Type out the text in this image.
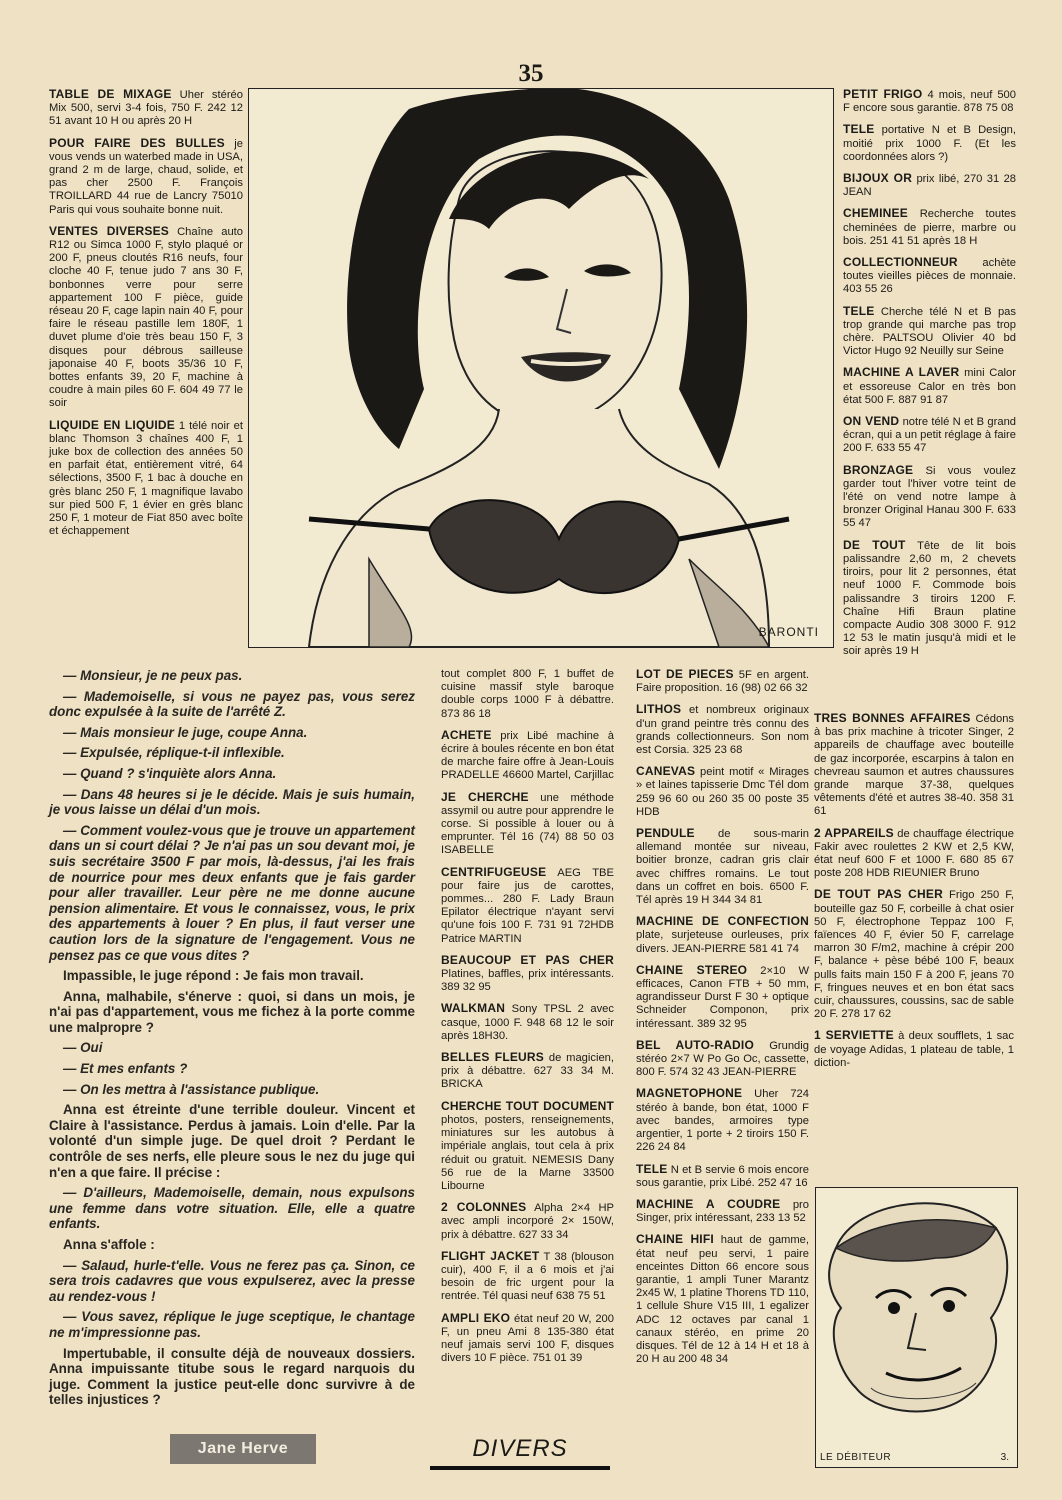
35

TABLE DE MIXAGE Uher stéréo Mix 500, servi 3-4 fois, 750 F. 242 12 51 avant 10 H ou après 20 H

POUR FAIRE DES BULLES je vous vends un waterbed made in USA, grand 2 m de large, chaud, solide, et pas cher 2500 F. François TROILLARD 44 rue de Lancry 75010 Paris qui vous souhaite bonne nuit.

VENTES DIVERSES Chaîne auto R12 ou Simca 1000 F, stylo plaqué or 200 F, pneus cloutés R16 neufs, four cloche 40 F, tenue judo 7 ans 30 F, bonbonnes verre pour serre appartement 100 F pièce, guide réseau 20 F, cage lapin nain 40 F, pour faire le réseau pastille lem 180F, 1 duvet plume d'oie très beau 150 F, 3 disques pour débrous sailleuse japonaise 40 F, boots 35/36 10 F, bottes enfants 39, 20 F, machine à coudre à main piles 60 F. 604 49 77 le soir

LIQUIDE EN LIQUIDE 1 télé noir et blanc Thomson 3 chaînes 400 F, 1 juke box de collection des années 50 en parfait état, entièrement vitré, 64 sélections, 3500 F, 1 bac à douche en grès blanc 250 F, 1 magnifique lavabo sur pied 500 F, 1 évier en grès blanc 250 F, 1 moteur de Fiat 850 avec boîte et échappement

BARONTI

PETIT FRIGO 4 mois, neuf 500 F encore sous garantie. 878 75 08

TELE portative N et B Design, moitié prix 1000 F. (Et les coordonnées alors ?)

BIJOUX OR prix libé, 270 31 28 JEAN

CHEMINEE Recherche toutes cheminées de pierre, marbre ou bois. 251 41 51 après 18 H

COLLECTIONNEUR achète toutes vieilles pièces de monnaie. 403 55 26

TELE Cherche télé N et B pas trop grande qui marche pas trop chère. PALTSOU Olivier 40 bd Victor Hugo 92 Neuilly sur Seine

MACHINE A LAVER mini Calor et essoreuse Calor en très bon état 500 F. 887 91 87

ON VEND notre télé N et B grand écran, qui a un petit réglage à faire 200 F. 633 55 47

BRONZAGE Si vous voulez garder tout l'hiver votre teint de l'été on vend notre lampe à bronzer Original Hanau 300 F. 633 55 47

DE TOUT Tête de lit bois palissandre 2,60 m, 2 chevets tiroirs, pour lit 2 personnes, état neuf 1000 F. Commode bois palissandre 3 tiroirs 1200 F. Chaîne Hifi Braun platine compacte Audio 308 3000 F. 912 12 53 le matin jusqu'à midi et le soir après 19 H

— Monsieur, je ne peux pas.

— Mademoiselle, si vous ne payez pas, vous serez donc expulsée à la suite de l'arrêté Z.

— Mais monsieur le juge, coupe Anna.

— Expulsée, réplique-t-il inflexible.

— Quand ? s'inquiète alors Anna.

— Dans 48 heures si je le décide. Mais je suis humain, je vous laisse un délai d'un mois.

— Comment voulez-vous que je trouve un appartement dans un si court délai ? Je n'ai pas un sou devant moi, je suis secrétaire 3500 F par mois, là-dessus, j'ai les frais de nourrice pour mes deux enfants que je fais garder pour aller travailler. Leur père ne me donne aucune pension alimentaire. Et vous le connaissez, vous, le prix des appartements à louer ? En plus, il faut verser une caution lors de la signature de l'engagement. Vous ne pensez pas ce que vous dites ?

Impassible, le juge répond : Je fais mon travail.

Anna, malhabile, s'énerve : quoi, si dans un mois, je n'ai pas d'appartement, vous me fichez à la porte comme une malpropre ?

— Oui

— Et mes enfants ?

— On les mettra à l'assistance publique.

Anna est étreinte d'une terrible douleur. Vincent et Claire à l'assistance. Perdus à jamais. Loin d'elle. Par la volonté d'un simple juge. De quel droit ? Perdant le contrôle de ses nerfs, elle pleure sous le nez du juge qui n'en a que faire. Il précise :

— D'ailleurs, Mademoiselle, demain, nous expulsons une femme dans votre situation. Elle, elle a quatre enfants.

Anna s'affole :

— Salaud, hurle-t'elle. Vous ne ferez pas ça. Sinon, ce sera trois cadavres que vous expulserez, avec la presse au rendez-vous !

— Vous savez, réplique le juge sceptique, le chantage ne m'impressionne pas.

Impertubable, il consulte déjà de nouveaux dossiers. Anna impuissante titube sous le regard narquois du juge. Comment la justice peut-elle donc survivre à de telles injustices ?

tout complet 800 F, 1 buffet de cuisine massif style baroque double corps 1000 F à débattre. 873 86 18

ACHETE prix Libé machine à écrire à boules récente en bon état de marche faire offre à Jean-Louis PRADELLE 46600 Martel, Carjillac

JE CHERCHE une méthode assymil ou autre pour apprendre le corse. Si possible à louer ou à emprunter. Tél 16 (74) 88 50 03 ISABELLE

CENTRIFUGEUSE AEG TBE pour faire jus de carottes, pommes... 280 F. Lady Braun Epilator électrique n'ayant servi qu'une fois 100 F. 731 91 72HDB Patrice MARTIN

BEAUCOUP ET PAS CHER Platines, baffles, prix intéressants. 389 32 95

WALKMAN Sony TPSL 2 avec casque, 1000 F. 948 68 12 le soir après 18H30.

BELLES FLEURS de magicien, prix à débattre. 627 33 34 M. BRICKA

CHERCHE TOUT DOCUMENT photos, posters, renseignements, miniatures sur les autobus à impériale anglais, tout cela à prix réduit ou gratuit. NEMESIS Dany 56 rue de la Marne 33500 Libourne

2 COLONNES Alpha 2×4 HP avec ampli incorporé 2× 150W, prix à débattre. 627 33 34

FLIGHT JACKET T 38 (blouson cuir), 400 F, il a 6 mois et j'ai besoin de fric urgent pour la rentrée. Tél quasi neuf 638 75 51

AMPLI EKO état neuf 20 W, 200 F, un pneu Ami 8 135-380 état neuf jamais servi 100 F, disques divers 10 F pièce. 751 01 39

LOT DE PIECES 5F en argent. Faire proposition. 16 (98) 02 66 32

LITHOS et nombreux originaux d'un grand peintre très connu des grands collectionneurs. Son nom est Corsia. 325 23 68

CANEVAS peint motif « Mirages » et laines tapisserie Dmc Tél dom 259 96 60 ou 260 35 00 poste 35 HDB

PENDULE de sous-marin allemand montée sur niveau, boitier bronze, cadran gris clair avec chiffres romains. Le tout dans un coffret en bois. 6500 F. Tél après 19 H 344 34 81

MACHINE DE CONFECTION plate, surjeteuse ourleuses, prix divers. JEAN-PIERRE 581 41 74

CHAINE STEREO 2×10 W efficaces, Canon FTB + 50 mm, agrandisseur Durst F 30 + optique Schneider Componon, prix intéressant. 389 32 95

BEL AUTO-RADIO Grundig stéréo 2×7 W Po Go Oc, cassette, 800 F. 574 32 43 JEAN-PIERRE

MAGNETOPHONE Uher 724 stéréo à bande, bon état, 1000 F avec bandes, armoires type argentier, 1 porte + 2 tiroirs 150 F. 226 24 84

TELE N et B servie 6 mois encore sous garantie, prix Libé. 252 47 16

MACHINE A COUDRE pro Singer, prix intéressant, 233 13 52

CHAINE HIFI haut de gamme, état neuf peu servi, 1 paire enceintes Ditton 66 encore sous garantie, 1 ampli Tuner Marantz 2x45 W, 1 platine Thorens TD 110, 1 cellule Shure V15 III, 1 egalizer ADC 12 octaves par canal 1 canaux stéréo, en prime 20 disques. Tél de 12 à 14 H et 18 à 20 H au 200 48 34

TRES BONNES AFFAIRES Cédons à bas prix machine à tricoter Singer, 2 appareils de chauffage avec bouteille de gaz incorporée, escarpins à talon en chevreau saumon et autres chaussures grande marque 37-38, quelques vêtements d'été et autres 38-40. 358 31 61

2 APPAREILS de chauffage électrique Fakir avec roulettes 2 KW et 2,5 KW, état neuf 600 F et 1000 F. 680 85 67 poste 208 HDB RIEUNIER Bruno

DE TOUT PAS CHER Frigo 250 F, bouteille gaz 50 F, corbeille à chat osier 50 F, électrophone Teppaz 100 F, faïences 40 F, évier 50 F, carrelage marron 30 F/m2, machine à crépir 200 F, balance + pèse bébé 100 F, beaux pulls faits main 150 F à 200 F, jeans 70 F, fringues neuves et en bon état sacs cuir, chaussures, coussins, sac de sable 20 F. 278 17 62

1 SERVIETTE à deux soufflets, 1 sac de voyage Adidas, 1 plateau de table, 1 diction-

Jane Herve	DIVERS	LE DÉBITEUR	3.
